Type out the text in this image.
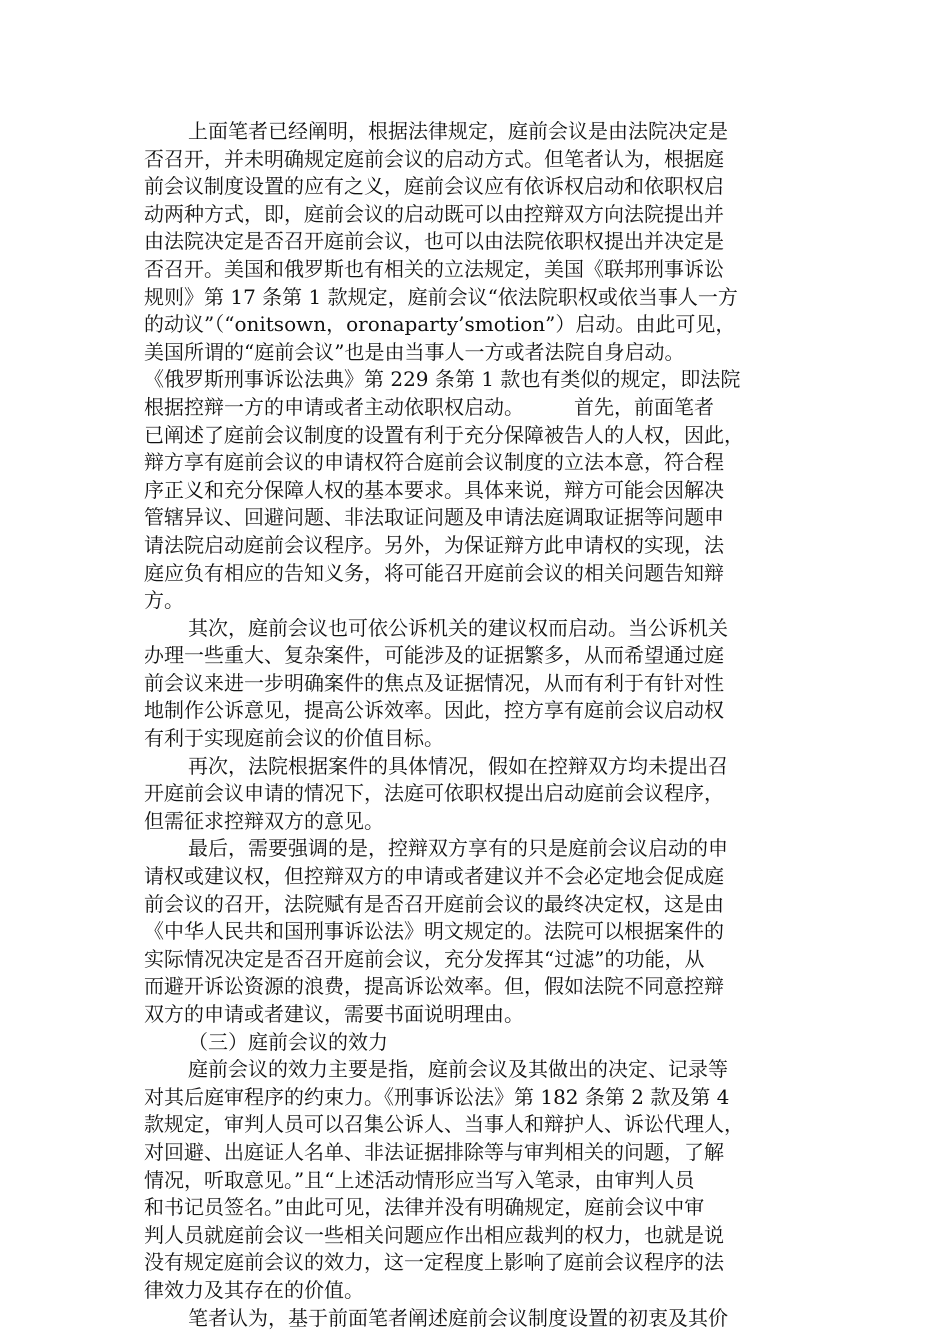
上面笔者已经阐明，根据法律规定，庭前会议是由法院决定是
否召开，并未明确规定庭前会议的启动方式。但笔者认为，根据庭
前会议制度设置的应有之义，庭前会议应有依诉权启动和依职权启
动两种方式，即，庭前会议的启动既可以由控辩双方向法院提出并
由法院决定是否召开庭前会议，也可以由法院依职权提出并决定是
否召开。美国和俄罗斯也有相关的立法规定，美国《联邦刑事诉讼
规则》第 17 条第 1 款规定，庭前会议“依法院职权或依当事人一方
的动议”（“onitsown，oronaparty’smotion”）启动。由此可见，
美国所谓的“庭前会议”也是由当事人一方或者法院自身启动。
《俄罗斯刑事诉讼法典》第 229 条第 1 款也有类似的规定，即法院
根据控辩一方的申请或者主动依职权启动。　　　首先，前面笔者
已阐述了庭前会议制度的设置有利于充分保障被告人的人权，因此，
辩方享有庭前会议的申请权符合庭前会议制度的立法本意，符合程
序正义和充分保障人权的基本要求。具体来说，辩方可能会因解决
管辖异议、回避问题、非法取证问题及申请法庭调取证据等问题申
请法院启动庭前会议程序。另外，为保证辩方此申请权的实现，法
庭应负有相应的告知义务，将可能召开庭前会议的相关问题告知辩
方。
其次，庭前会议也可依公诉机关的建议权而启动。当公诉机关
办理一些重大、复杂案件，可能涉及的证据繁多，从而希望通过庭
前会议来进一步明确案件的焦点及证据情况，从而有利于有针对性
地制作公诉意见，提高公诉效率。因此，控方享有庭前会议启动权
有利于实现庭前会议的价值目标。
再次，法院根据案件的具体情况，假如在控辩双方均未提出召
开庭前会议申请的情况下，法庭可依职权提出启动庭前会议程序，
但需征求控辩双方的意见。
最后，需要强调的是，控辩双方享有的只是庭前会议启动的申
请权或建议权，但控辩双方的申请或者建议并不会必定地会促成庭
前会议的召开，法院赋有是否召开庭前会议的最终决定权，这是由
《中华人民共和国刑事诉讼法》明文规定的。法院可以根据案件的
实际情况决定是否召开庭前会议，充分发挥其“过滤”的功能，从
而避开诉讼资源的浪费，提高诉讼效率。但，假如法院不同意控辩
双方的申请或者建议，需要书面说明理由。
（三）庭前会议的效力
庭前会议的效力主要是指，庭前会议及其做出的决定、记录等
对其后庭审程序的约束力。《刑事诉讼法》第 182 条第 2 款及第 4
款规定，审判人员可以召集公诉人、当事人和辩护人、诉讼代理人，
对回避、出庭证人名单、非法证据排除等与审判相关的问题，了解
情况，听取意见。”且“上述活动情形应当写入笔录，由审判人员
和书记员签名。”由此可见，法律并没有明确规定，庭前会议中审
判人员就庭前会议一些相关问题应作出相应裁判的权力，也就是说
没有规定庭前会议的效力，这一定程度上影响了庭前会议程序的法
律效力及其存在的价值。
笔者认为，基于前面笔者阐述庭前会议制度设置的初衷及其价
